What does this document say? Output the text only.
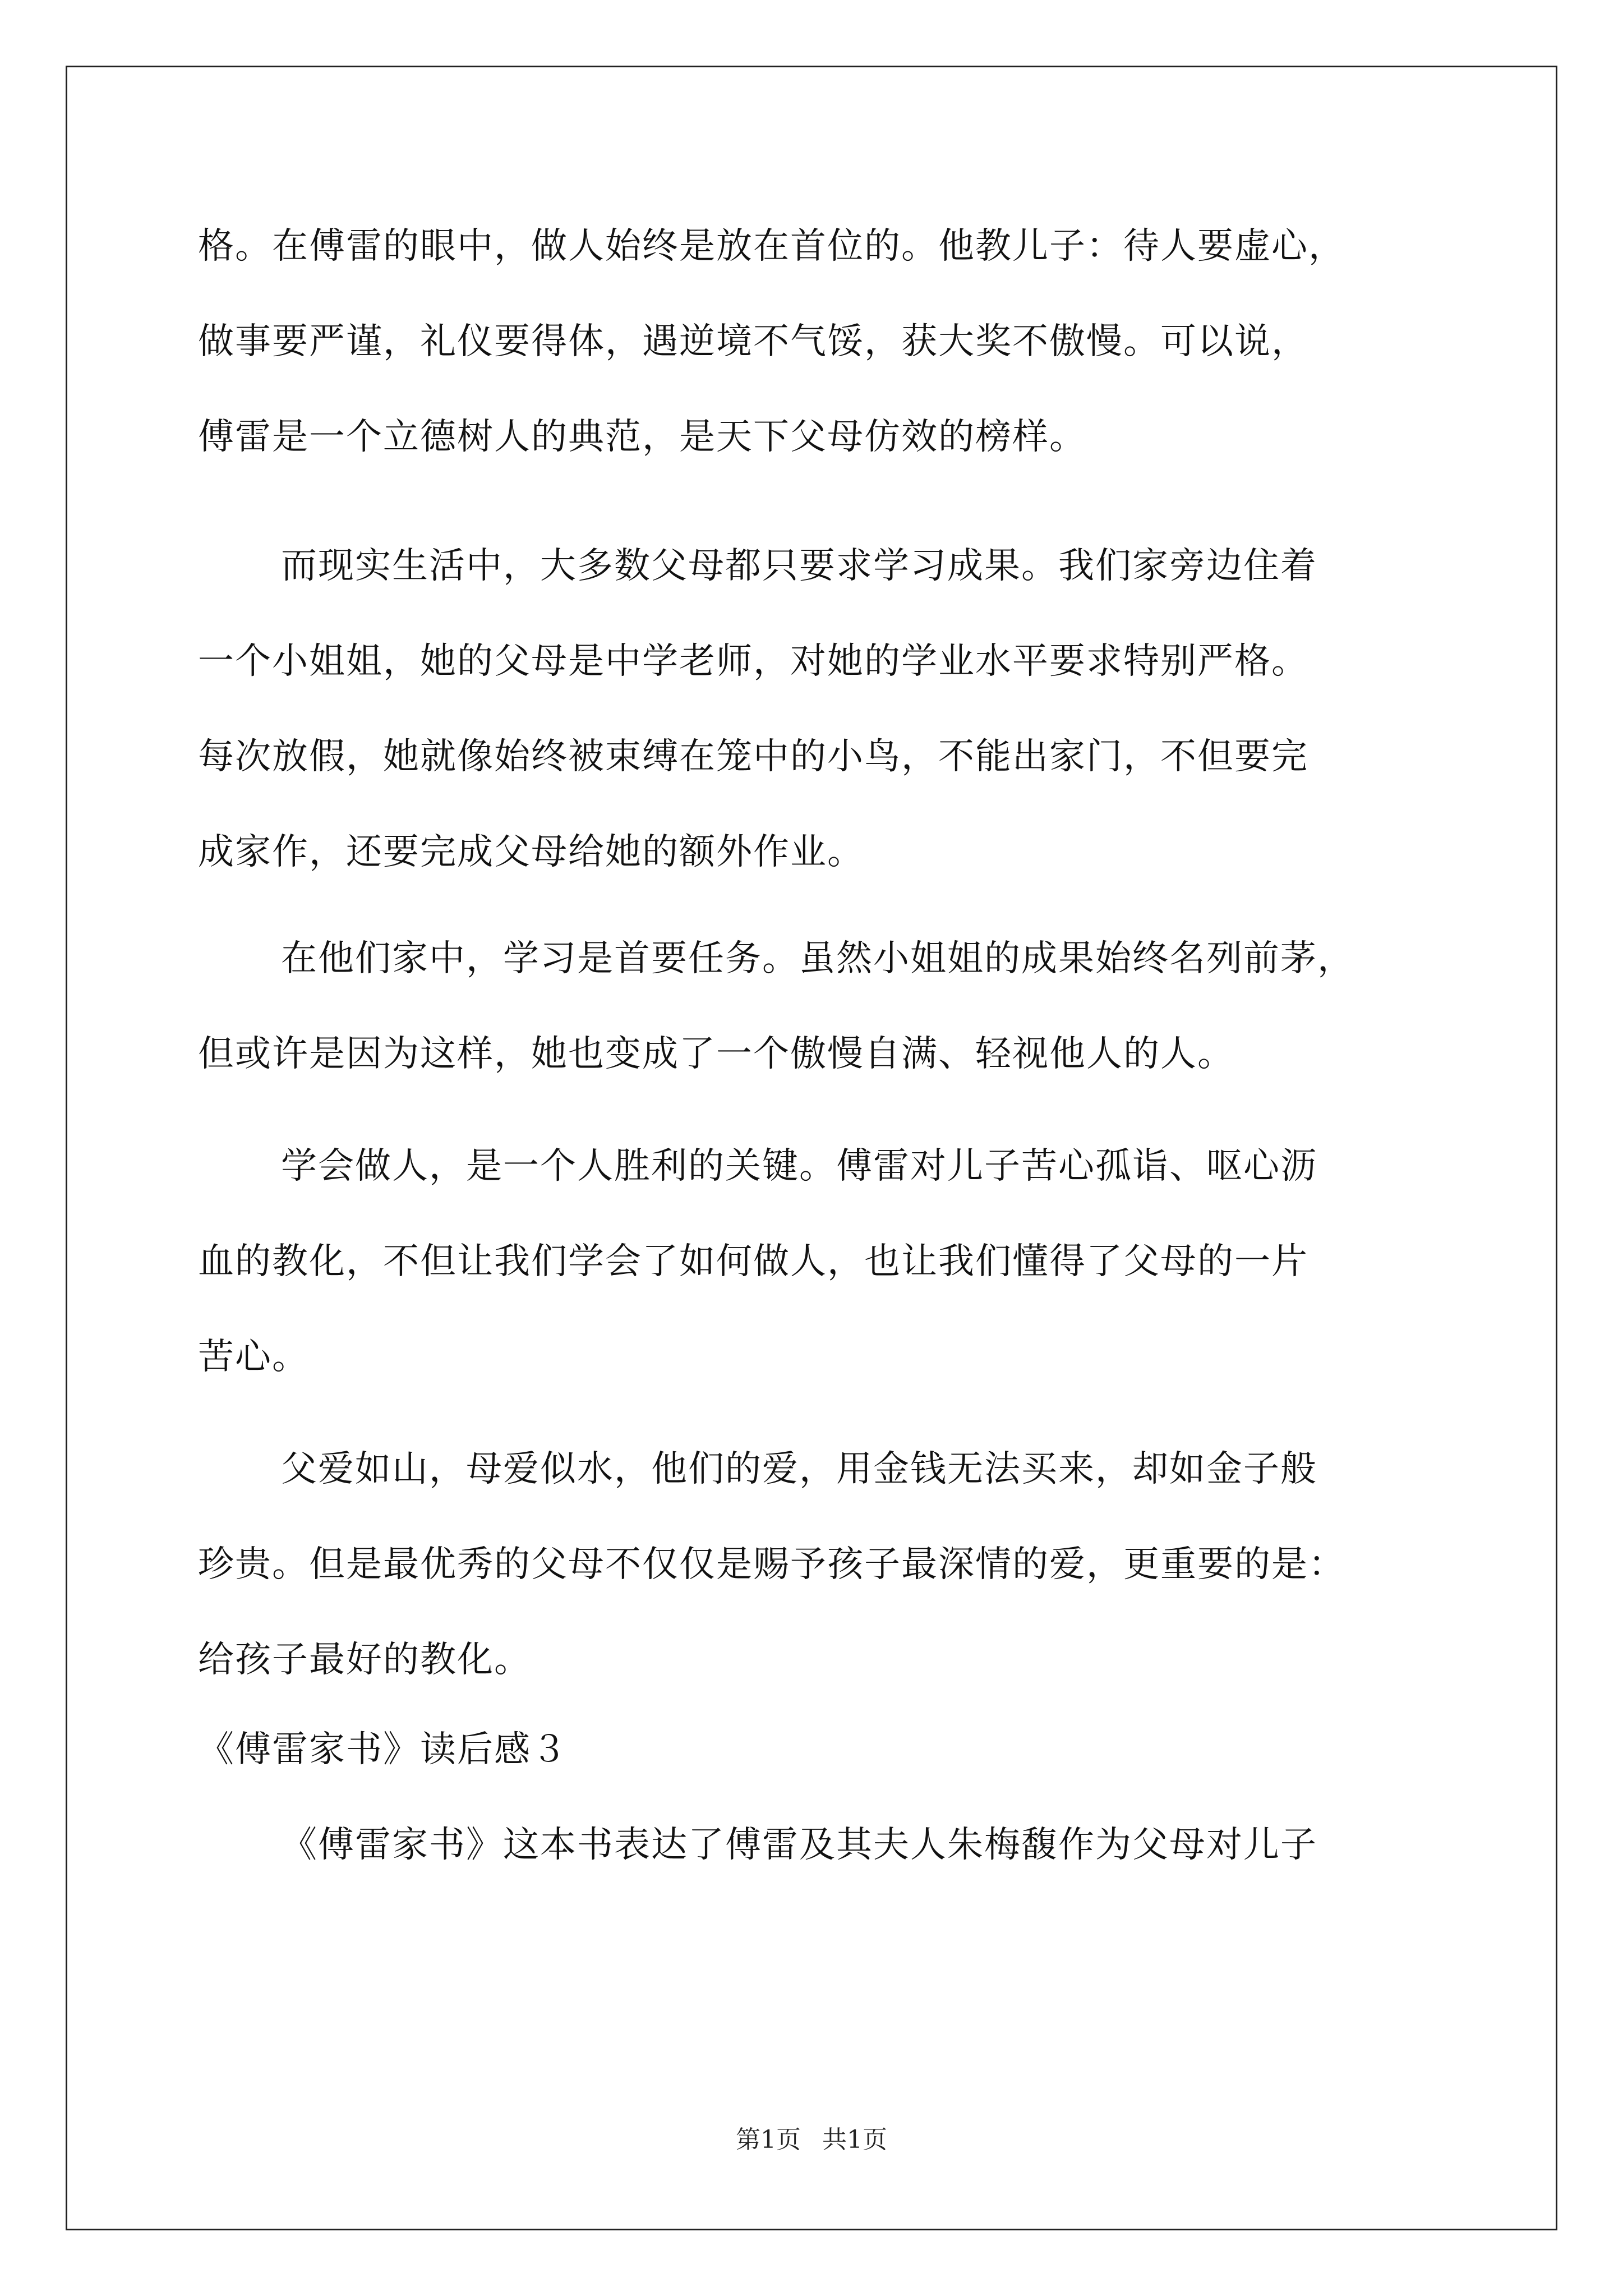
格。在傅雷的眼中，做人始终是放在首位的。他教儿子：待人要虚心，
做事要严谨，礼仪要得体，遇逆境不气馁，获大奖不傲慢。可以说，
傅雷是一个立德树人的典范，是天下父母仿效的榜样。
而现实生活中，大多数父母都只要求学习成果。我们家旁边住着
一个小姐姐，她的父母是中学老师，对她的学业水平要求特别严格。
每次放假，她就像始终被束缚在笼中的小鸟，不能出家门，不但要完
成家作，还要完成父母给她的额外作业。
在他们家中，学习是首要任务。虽然小姐姐的成果始终名列前茅，
但或许是因为这样，她也变成了一个傲慢自满、轻视他人的人。
学会做人，是一个人胜利的关键。傅雷对儿子苦心孤诣、呕心沥
血的教化，不但让我们学会了如何做人，也让我们懂得了父母的一片
苦心。
父爱如山，母爱似水，他们的爱，用金钱无法买来，却如金子般
珍贵。但是最优秀的父母不仅仅是赐予孩子最深情的爱，更重要的是：
给孩子最好的教化。
《傅雷家书》读后感３
《傅雷家书》这本书表达了傅雷及其夫人朱梅馥作为父母对儿子
第1页 共1页
